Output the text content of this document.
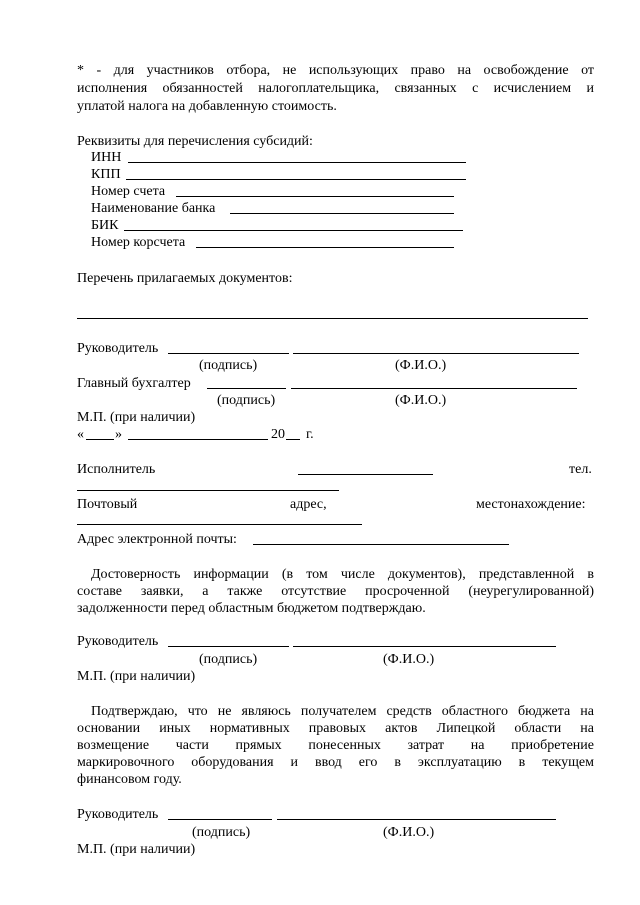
* - для участников отбора, не использующих право на освобождение от
исполнения обязанностей налогоплательщика, связанных с исчислением и
уплатой налога на добавленную стоимость.
Реквизиты для перечисления субсидий:
ИНН
КПП
Номер счета
Наименование банка
БИК
Номер корсчета
Перечень прилагаемых документов:
Руководитель
(подпись)	(Ф.И.О.)
Главный бухгалтер
(подпись)	(Ф.И.О.)
М.П. (при наличии)
« »	20 г.
Исполнитель	тел.
Почтовый	адрес,	местонахождение:
Адрес электронной почты:
Достоверность информации (в том числе документов), представленной в
составе заявки, а также отсутствие просроченной (неурегулированной)
задолженности перед областным бюджетом подтверждаю.
Руководитель
(подпись)	(Ф.И.О.)
М.П. (при наличии)
Подтверждаю, что не являюсь получателем средств областного бюджета на
основании иных нормативных правовых актов Липецкой области на
возмещение части прямых понесенных затрат на приобретение
маркировочного оборудования и ввод его в эксплуатацию в текущем
финансовом году.
Руководитель
(подпись)	(Ф.И.О.)
М.П. (при наличии)
